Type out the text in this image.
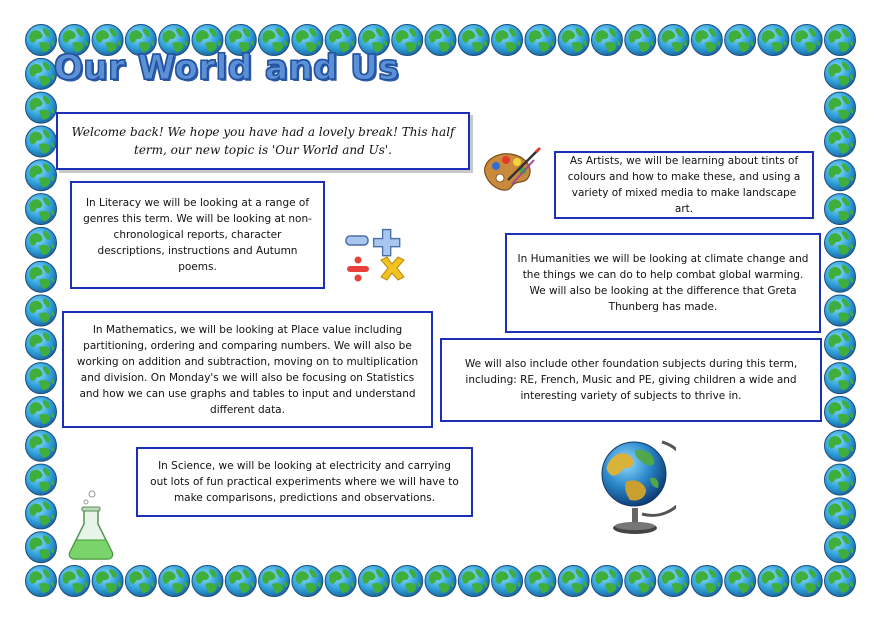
Our World and Us
Welcome back! We hope you have had a lovely break! This half term, our new topic is 'Our World and Us'.
In Literacy we will be looking at a range of genres this term. We will be looking at non-chronological reports, character descriptions, instructions and Autumn poems.
In Mathematics, we will be looking at Place value including partitioning, ordering and comparing numbers. We will also be working on addition and subtraction, moving on to multiplication and division. On Monday's we will also be focusing on Statistics and how we can use graphs and tables to input and understand different data.
In Science, we will be looking at electricity and carrying out lots of fun practical experiments where we will have to make comparisons, predictions and observations.
As Artists, we will be learning about tints of colours and how to make these, and using a variety of mixed media to make landscape art.
In Humanities we will be looking at climate change and the things we can do to help combat global warming. We will also be looking at the difference that Greta Thunberg has made.
We will also include other foundation subjects during this term, including: RE, French, Music and PE, giving children a wide and interesting variety of subjects to thrive in.
